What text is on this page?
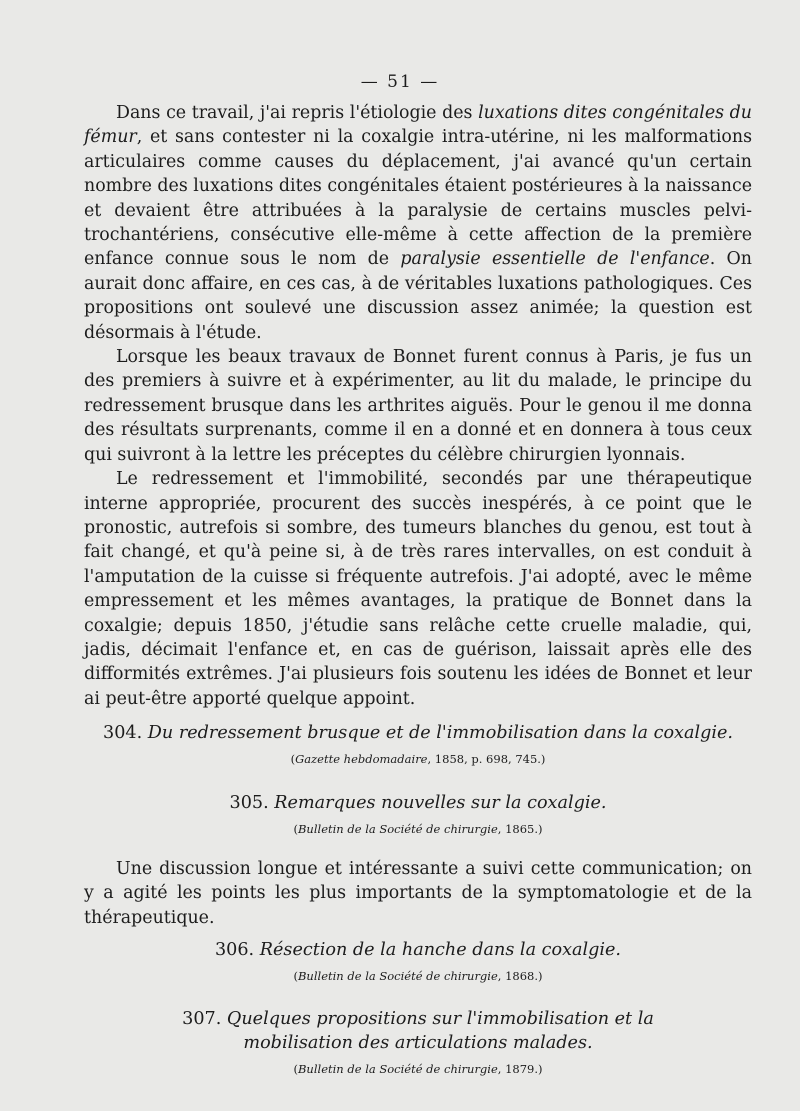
— 51 —

Dans ce travail, j'ai repris l'étiologie des luxations dites congénitales du fémur, et sans contester ni la coxalgie intra-utérine, ni les malformations articulaires comme causes du déplacement, j'ai avancé qu'un certain nombre des luxations dites congénitales étaient postérieures à la naissance et devaient être attribuées à la paralysie de certains muscles pelvi-trochantériens, consécutive elle-même à cette affection de la première enfance connue sous le nom de paralysie essentielle de l'enfance. On aurait donc affaire, en ces cas, à de véritables luxations pathologiques. Ces propositions ont soulevé une discussion assez animée; la question est désormais à l'étude.

Lorsque les beaux travaux de Bonnet furent connus à Paris, je fus un des premiers à suivre et à expérimenter, au lit du malade, le principe du redressement brusque dans les arthrites aiguës. Pour le genou il me donna des résultats surprenants, comme il en a donné et en donnera à tous ceux qui suivront à la lettre les préceptes du célèbre chirurgien lyonnais.

Le redressement et l'immobilité, secondés par une thérapeutique interne appropriée, procurent des succès inespérés, à ce point que le pronostic, autrefois si sombre, des tumeurs blanches du genou, est tout à fait changé, et qu'à peine si, à de très rares intervalles, on est conduit à l'amputation de la cuisse si fréquente autrefois. J'ai adopté, avec le même empressement et les mêmes avantages, la pratique de Bonnet dans la coxalgie; depuis 1850, j'étudie sans relâche cette cruelle maladie, qui, jadis, décimait l'enfance et, en cas de guérison, laissait après elle des difformités extrêmes. J'ai plusieurs fois soutenu les idées de Bonnet et leur ai peut-être apporté quelque appoint.

304. Du redressement brusque et de l'immobilisation dans la coxalgie.
(Gazette hebdomadaire, 1858, p. 698, 745.)
305. Remarques nouvelles sur la coxalgie.
(Bulletin de la Société de chirurgie, 1865.)

Une discussion longue et intéressante a suivi cette communication; on y a agité les points les plus importants de la symptomatologie et de la thérapeutique.

306. Résection de la hanche dans la coxalgie.
(Bulletin de la Société de chirurgie, 1868.)
307. Quelques propositions sur l'immobilisation et la mobilisation des articulations malades.
(Bulletin de la Société de chirurgie, 1879.)
